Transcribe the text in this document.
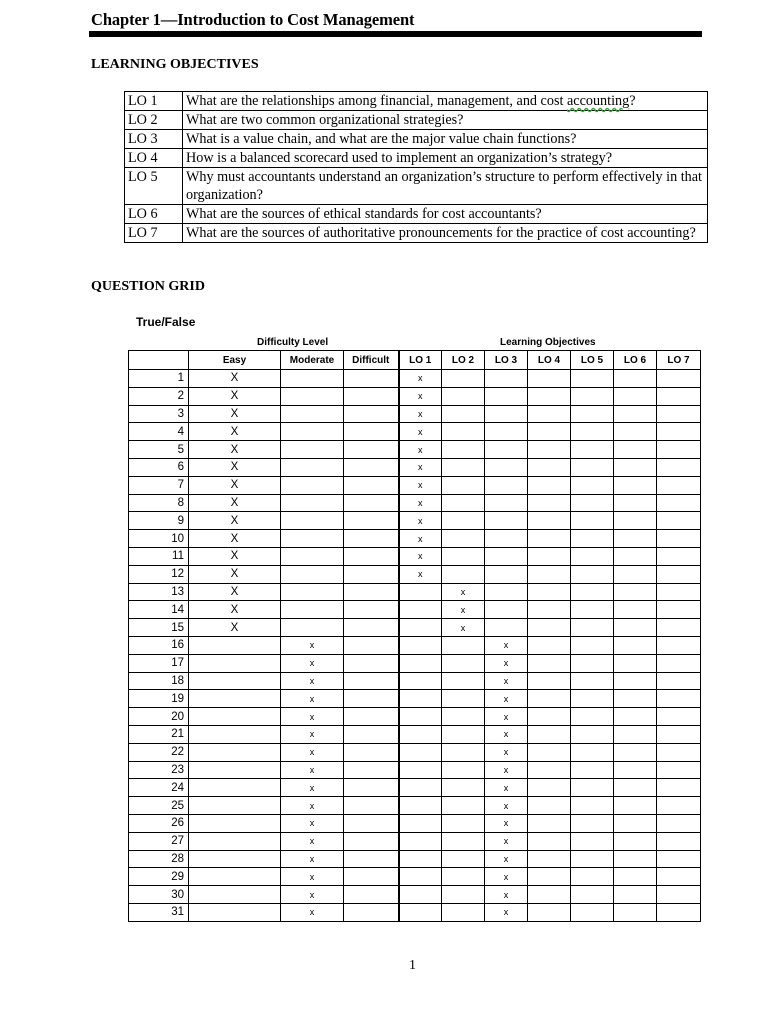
Chapter 1—Introduction to Cost Management
LEARNING OBJECTIVES
LO 1	What are the relationships among financial, management, and cost accounting?
LO 2	What are two common organizational strategies?
LO 3	What is a value chain, and what are the major value chain functions?
LO 4	How is a balanced scorecard used to implement an organization’s strategy?
LO 5	Why must accountants understand an organization’s structure to perform effectively in that organization?
LO 6	What are the sources of ethical standards for cost accountants?
LO 7	What are the sources of authoritative pronouncements for the practice of cost accounting?
QUESTION GRID
True/False
Difficulty Level	Learning Objectives
	Easy	Moderate	Difficult	LO 1	LO 2	LO 3	LO 4	LO 5	LO 6	LO 7
1	X			x						
2	X			x						
3	X			x						
4	X			x						
5	X			x						
6	X			x						
7	X			x						
8	X			x						
9	X			x						
10	X			x						
11	X			x						
12	X			x						
13	X				x					
14	X				x					
15	X				x					
16		x				x				
17		x				x				
18		x				x				
19		x				x				
20		x				x				
21		x				x				
22		x				x				
23		x				x				
24		x				x				
25		x				x				
26		x				x				
27		x				x				
28		x				x				
29		x				x				
30		x				x				
31		x				x				
1
